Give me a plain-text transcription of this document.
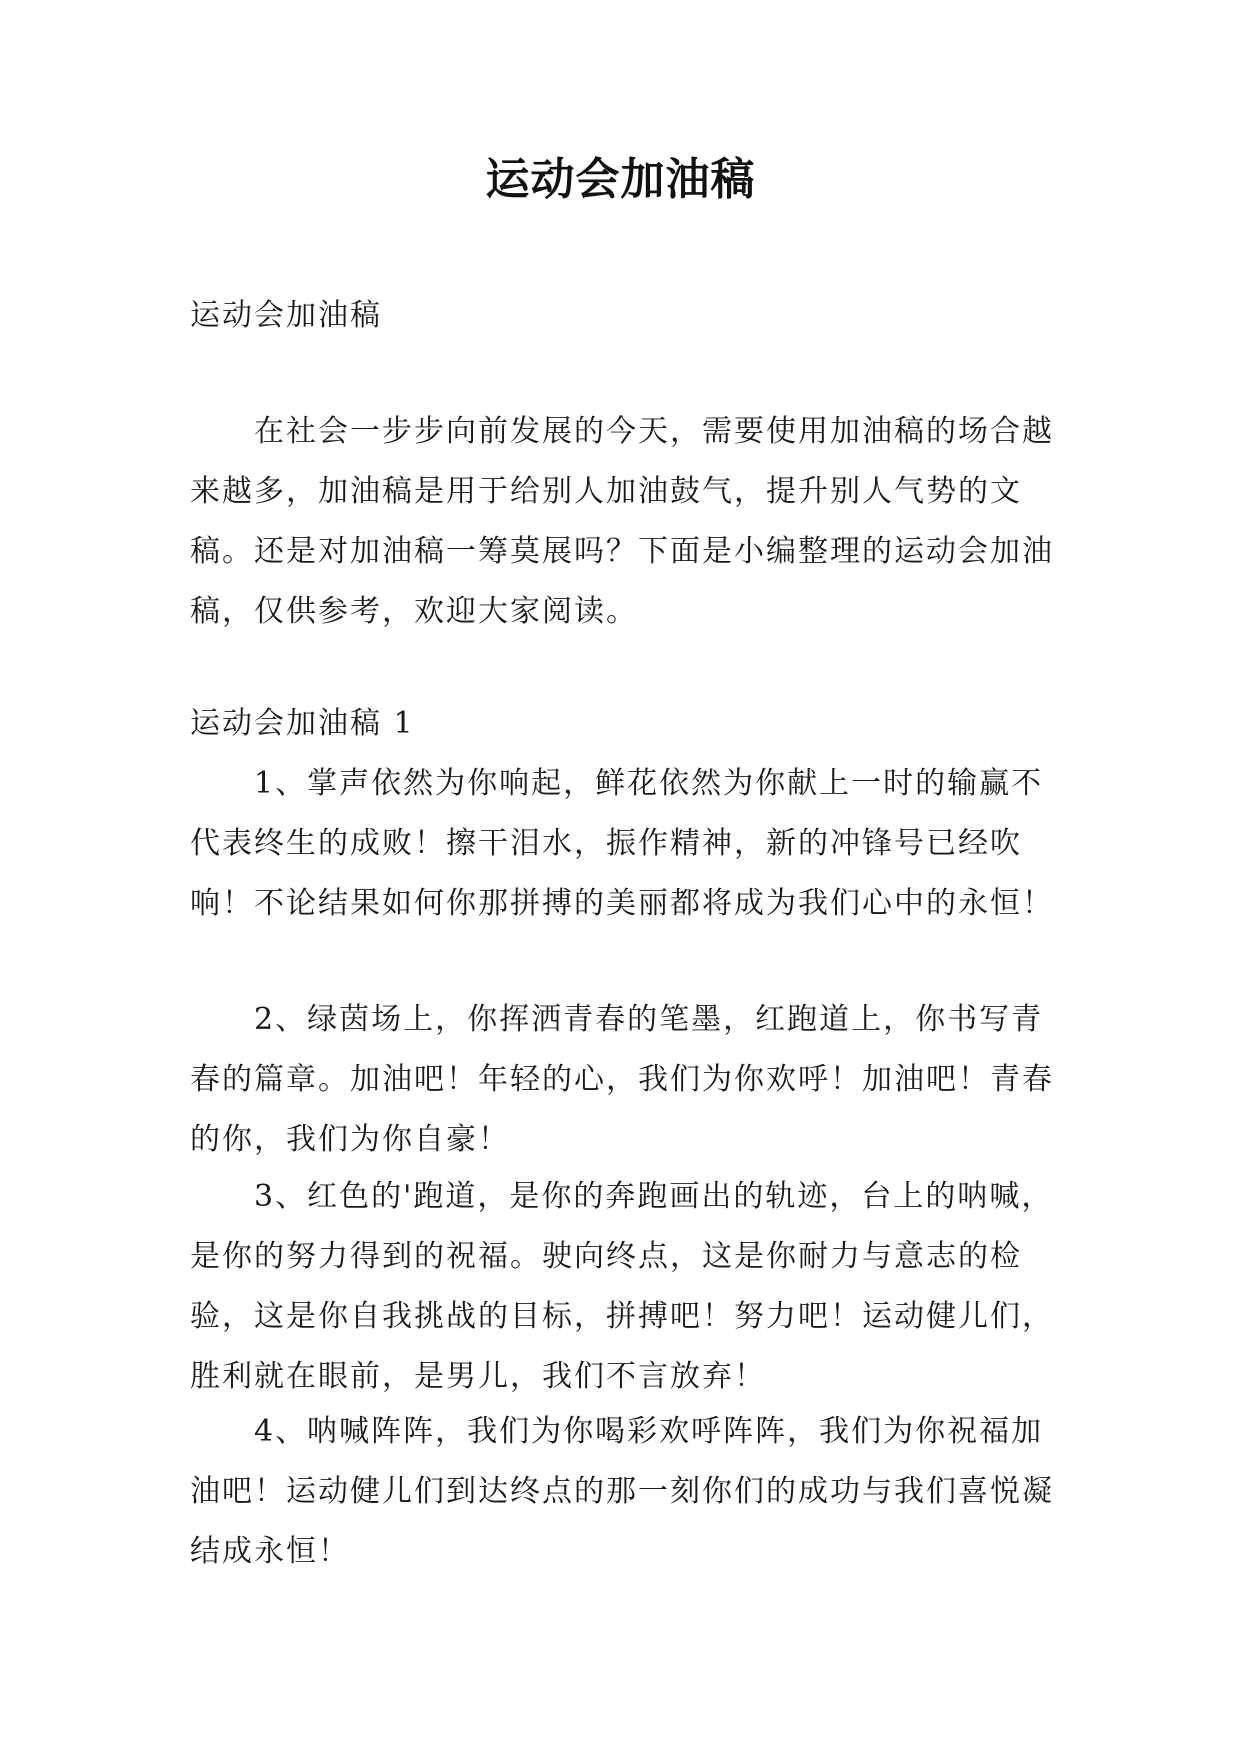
运动会加油稿

运动会加油稿

在社会一步步向前发展的今天，需要使用加油稿的场合越来越多，加油稿是用于给别人加油鼓气，提升别人气势的文稿。还是对加油稿一筹莫展吗？下面是小编整理的运动会加油稿，仅供参考，欢迎大家阅读。

运动会加油稿 1

1、掌声依然为你响起，鲜花依然为你献上一时的输赢不代表终生的成败！擦干泪水，振作精神，新的冲锋号已经吹响！不论结果如何你那拼搏的美丽都将成为我们心中的永恒！

2、绿茵场上，你挥洒青春的笔墨，红跑道上，你书写青春的篇章。加油吧！年轻的心，我们为你欢呼！加油吧！青春的你，我们为你自豪！

3、红色的'跑道，是你的奔跑画出的轨迹，台上的呐喊，是你的努力得到的祝福。驶向终点，这是你耐力与意志的检验，这是你自我挑战的目标，拼搏吧！努力吧！运动健儿们，胜利就在眼前，是男儿，我们不言放弃！

4、呐喊阵阵，我们为你喝彩欢呼阵阵，我们为你祝福加油吧！运动健儿们到达终点的那一刻你们的成功与我们喜悦凝结成永恒！
